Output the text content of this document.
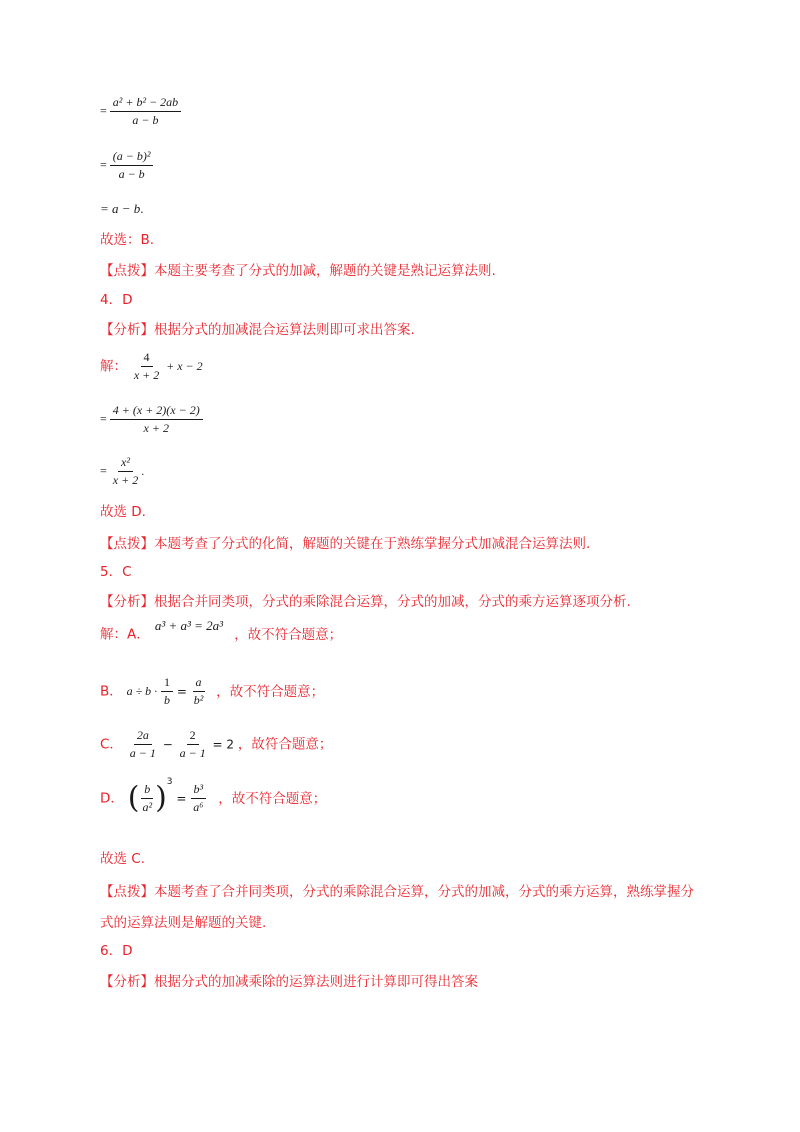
= $\frac{\text{a² + b² − 2ab}}{a - b}$
= $\frac{\text{(a − b)²}}{a - b}$
= a − b.
故选：B.
【点拨】本题主要考查了分式的加减，解题的关键是熟记运算法则.
4．D
【分析】根据分式的加减混合运算法则即可求出答案.
解： $\frac{4}{x + 2} + x - 2$
= $\frac{4 + (x + 2)(x - 2)}{x + 2}$
= $\frac{\text{x²}}{x + 2}$ .
故选 D.
【点拨】本题考查了分式的化简，解题的关键在于熟练掌握分式加减混合运算法则.
5．C
【分析】根据合并同类项，分式的乘除混合运算，分式的加减，分式的乘方运算逐项分析.
解：A． $^{a^3 + a^3 = 2a^3}$ ，故不符合题意；
B． $a \div b \cdot \frac{1}{b} = \frac{a}{\text{b²}}$ ，故不符合题意；
C． $\frac{2a}{a - 1} - \frac{2}{a - 1} = 2$ ，故符合题意；
D． ( $\frac{b}{\text{a²}} )^3 = \frac{\text{b³}}{\text{a⁶}}$ ，故不符合题意；
故选 C.
【点拨】本题考查了合并同类项，分式的乘除混合运算，分式的加减，分式的乘方运算，熟练掌握分
式的运算法则是解题的关键.
6．D
【分析】根据分式的加减乘除的运算法则进行计算即可得出答案
